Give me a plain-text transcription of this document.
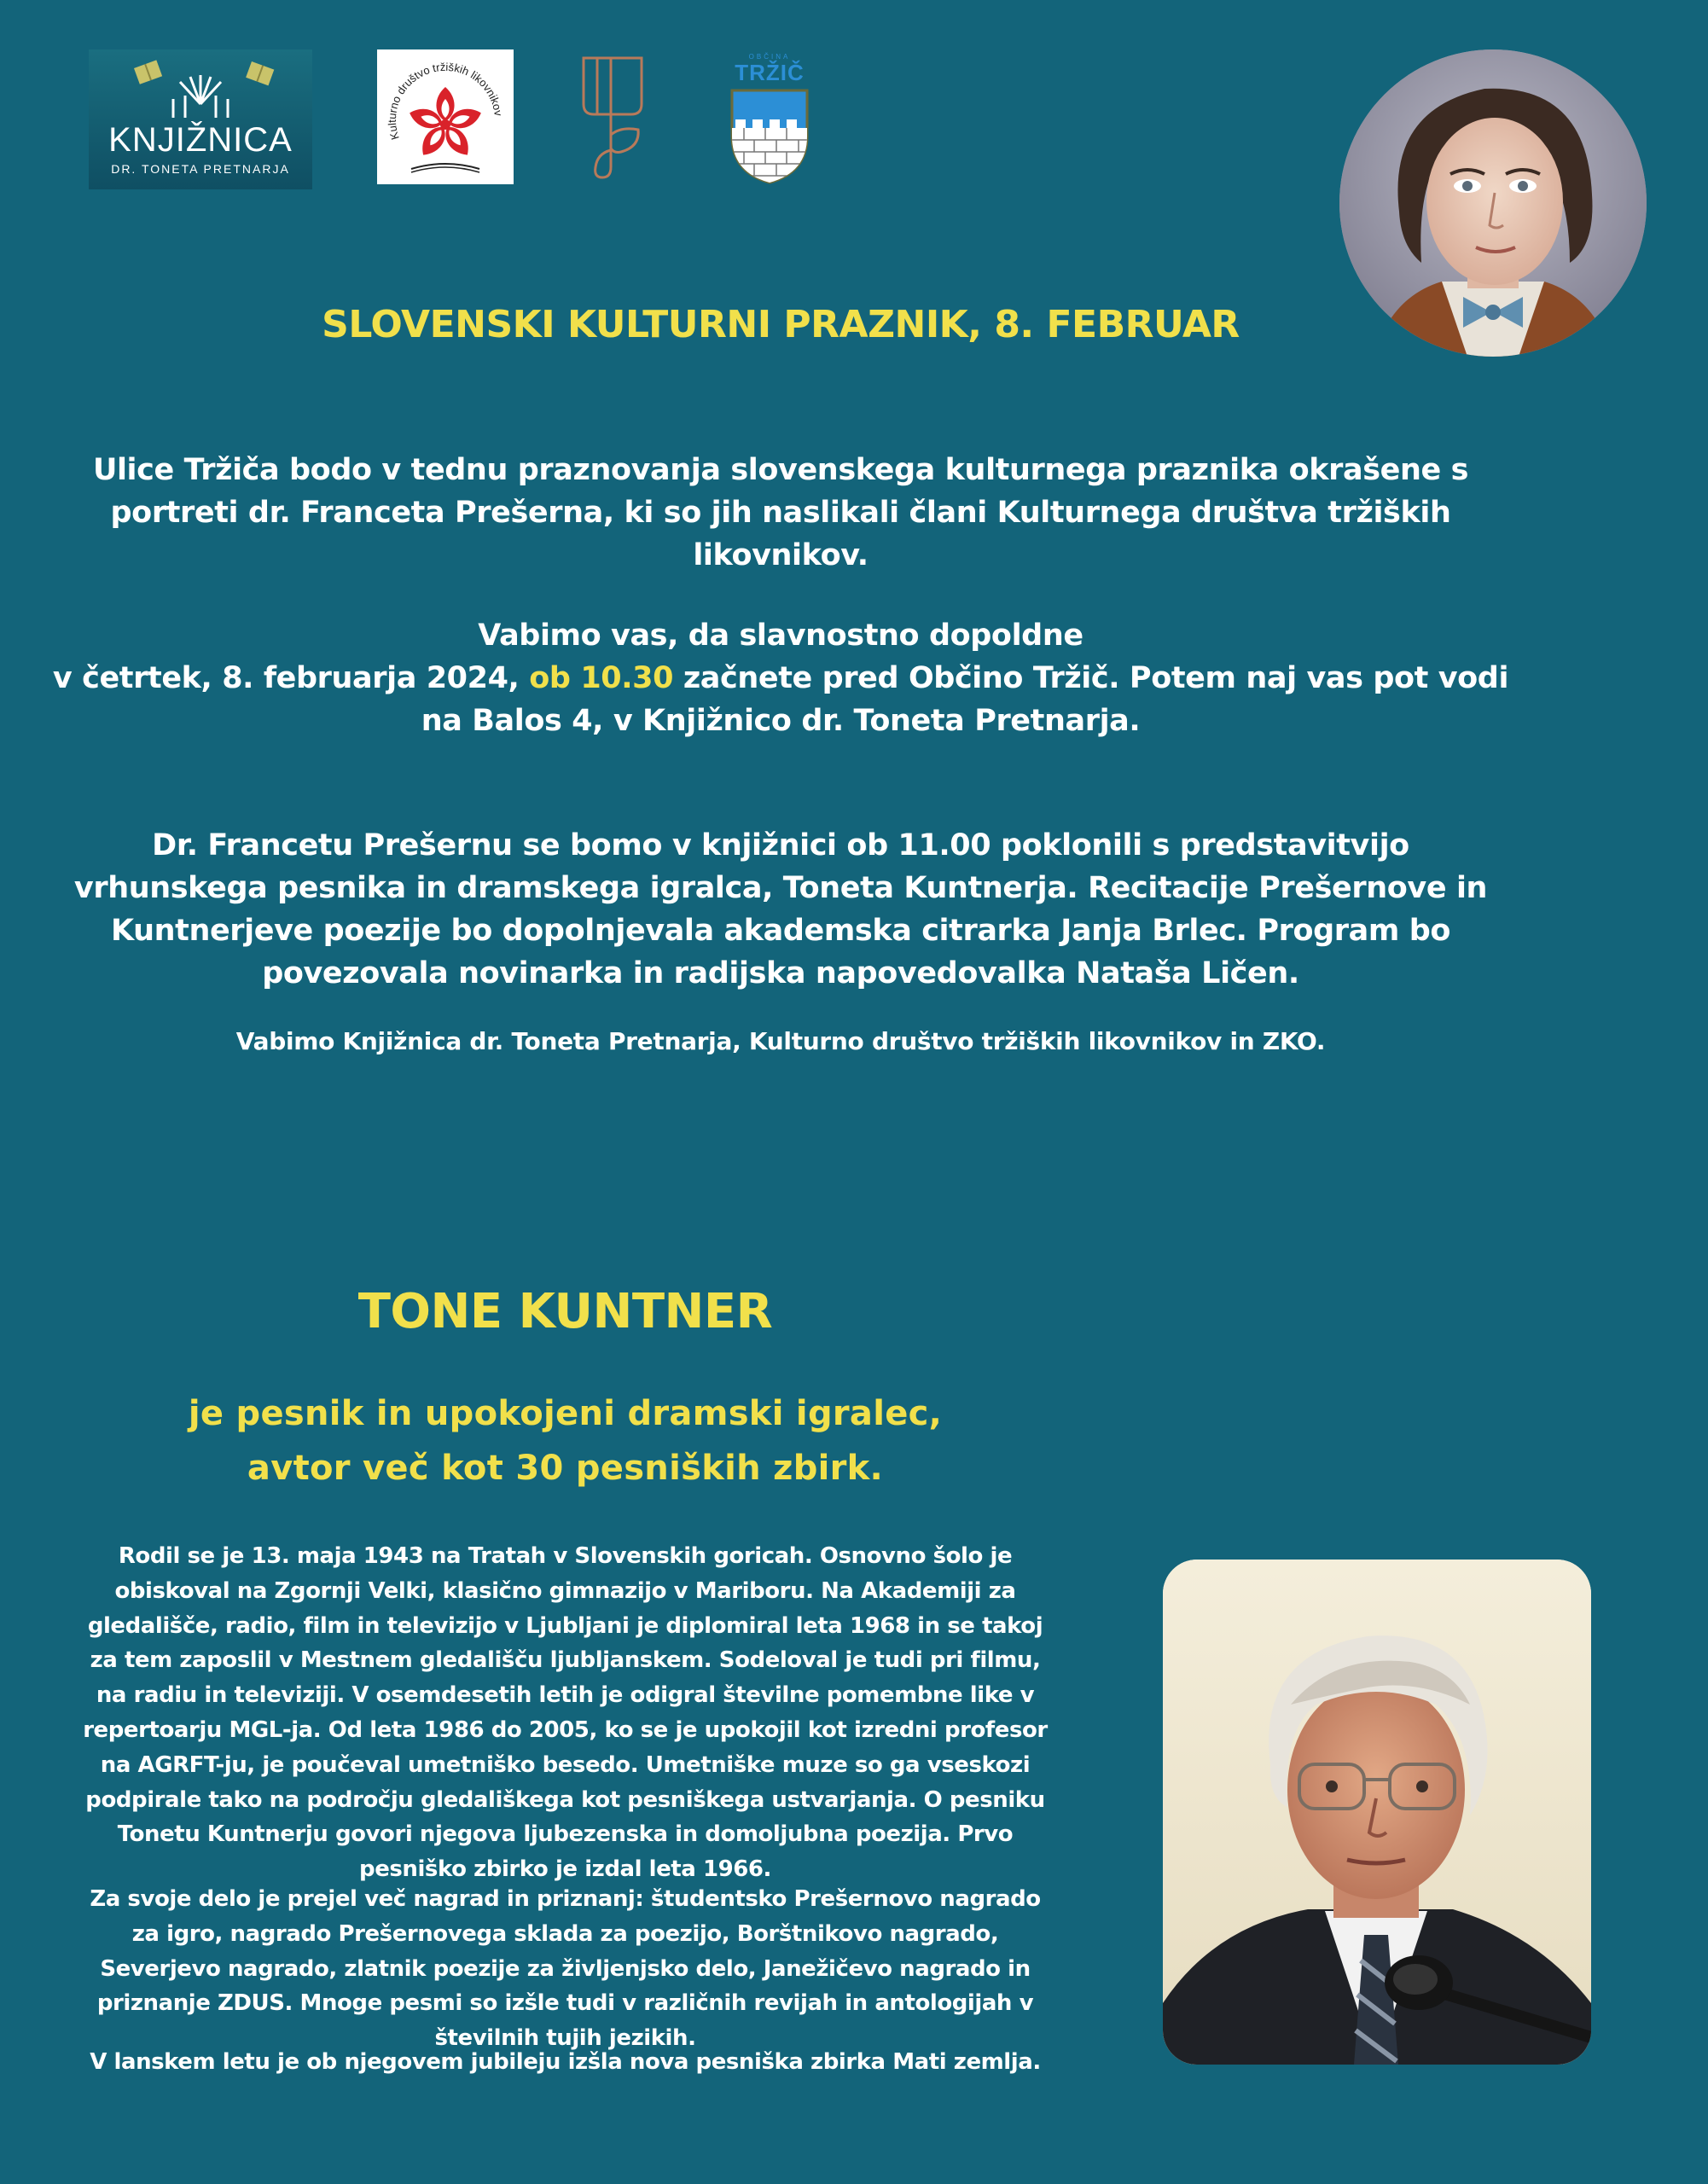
KNJIŽNICA
DR. TONETA PRETNARJA
Kulturno društvo tržiških likovnikov
OBČINA
TRŽIČ
SLOVENSKI KULTURNI PRAZNIK, 8. FEBRUAR
Ulice Tržiča bodo v tednu praznovanja slovenskega kulturnega praznika okrašene s portreti dr. Franceta Prešerna, ki so jih naslikali člani Kulturnega društva tržiških likovnikov.
Vabimo vas, da slavnostno dopoldne
v četrtek, 8. februarja 2024, ob 10.30 začnete pred Občino Tržič. Potem naj vas pot vodi na Balos 4, v Knjižnico dr. Toneta Pretnarja.
Dr. Francetu Prešernu se bomo v knjižnici ob 11.00 poklonili s predstavitvijo vrhunskega pesnika in dramskega igralca, Toneta Kuntnerja. Recitacije Prešernove in Kuntnerjeve poezije bo dopolnjevala akademska citrarka Janja Brlec. Program bo povezovala novinarka in radijska napovedovalka Nataša Ličen.
Vabimo Knjižnica dr. Toneta Pretnarja, Kulturno društvo tržiških likovnikov in ZKO.
TONE KUNTNER
je pesnik in upokojeni dramski igralec,
avtor več kot 30 pesniških zbirk.
Rodil se je 13. maja 1943 na Tratah v Slovenskih goricah. Osnovno šolo je obiskoval na Zgornji Velki, klasično gimnazijo v Mariboru. Na Akademiji za gledališče, radio, film in televizijo v Ljubljani je diplomiral leta 1968 in se takoj za tem zaposlil v Mestnem gledališču ljubljanskem. Sodeloval je tudi pri filmu, na radiu in televiziji. V osemdesetih letih je odigral številne pomembne like v repertoarju MGL-ja. Od leta 1986 do 2005, ko se je upokojil kot izredni profesor na AGRFT-ju, je poučeval umetniško besedo. Umetniške muze so ga vseskozi podpirale tako na področju gledališkega kot pesniškega ustvarjanja. O pesniku Tonetu Kuntnerju govori njegova ljubezenska in domoljubna poezija. Prvo pesniško zbirko je izdal leta 1966.
Za svoje delo je prejel več nagrad in priznanj: študentsko Prešernovo nagrado za igro, nagrado Prešernovega sklada za poezijo, Borštnikovo nagrado, Severjevo nagrado, zlatnik poezije za življenjsko delo, Janežičevo nagrado in priznanje ZDUS. Mnoge pesmi so izšle tudi v različnih revijah in antologijah v številnih tujih jezikih.
V lanskem letu je ob njegovem jubileju izšla nova pesniška zbirka Mati zemlja.
